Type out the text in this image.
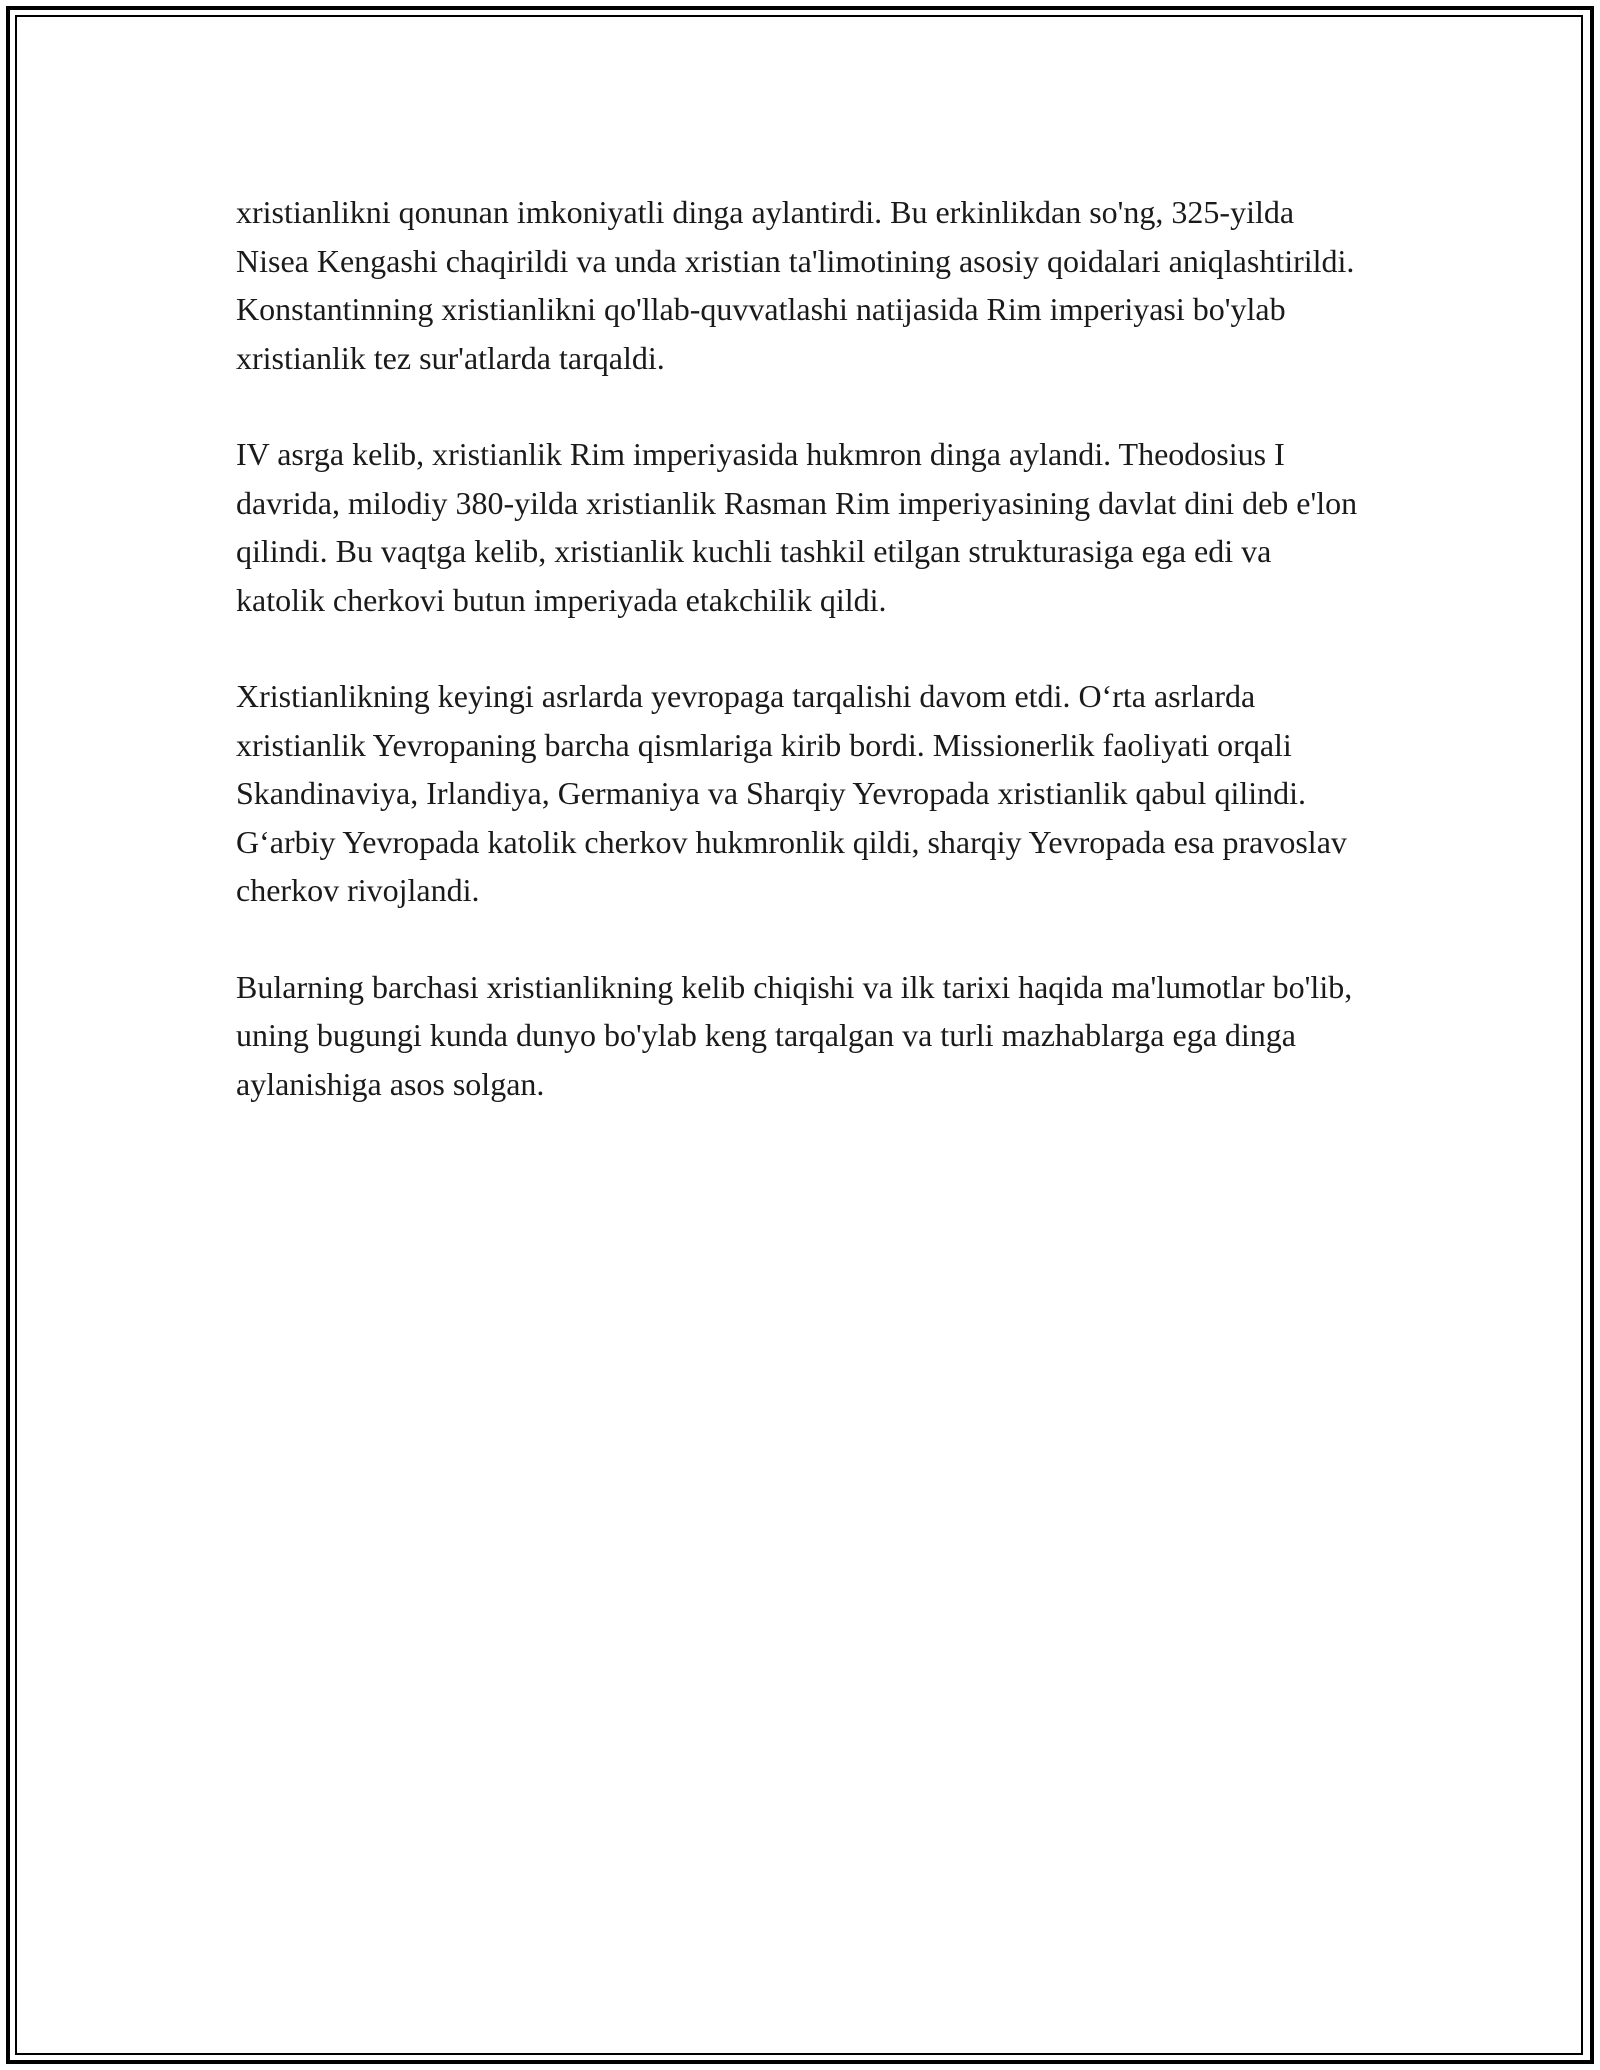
xristianlikni qonunan imkoniyatli dinga aylantirdi. Bu erkinlikdan so'ng, 325-yilda Nisea Kengashi chaqirildi va unda xristian ta'limotining asosiy qoidalari aniqlashtirildi. Konstantinning xristianlikni qo'llab-quvvatlashi natijasida Rim imperiyasi bo'ylab xristianlik tez sur'atlarda tarqaldi.

IV asrga kelib, xristianlik Rim imperiyasida hukmron dinga aylandi. Theodosius I davrida, milodiy 380-yilda xristianlik Rasman Rim imperiyasining davlat dini deb e'lon qilindi. Bu vaqtga kelib, xristianlik kuchli tashkil etilgan strukturasiga ega edi va katolik cherkovi butun imperiyada etakchilik qildi.

Xristianlikning keyingi asrlarda yevropaga tarqalishi davom etdi. O‘rta asrlarda xristianlik Yevropaning barcha qismlariga kirib bordi. Missionerlik faoliyati orqali Skandinaviya, Irlandiya, Germaniya va Sharqiy Yevropada xristianlik qabul qilindi. G‘arbiy Yevropada katolik cherkov hukmronlik qildi, sharqiy Yevropada esa pravoslav cherkov rivojlandi.

Bularning barchasi xristianlikning kelib chiqishi va ilk tarixi haqida ma'lumotlar bo'lib, uning bugungi kunda dunyo bo'ylab keng tarqalgan va turli mazhablarga ega dinga aylanishiga asos solgan.
